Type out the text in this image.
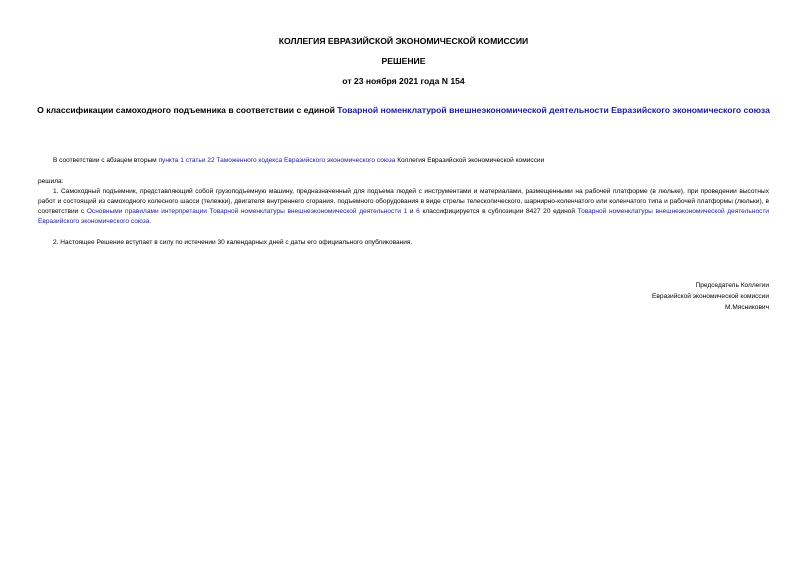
КОЛЛЕГИЯ ЕВРАЗИЙСКОЙ ЭКОНОМИЧЕСКОЙ КОМИССИИ
РЕШЕНИЕ
от 23 ноября 2021 года N 154
О классификации самоходного подъемника в соответствии с единой Товарной номенклатурой внешнеэкономической деятельности Евразийского экономического союза
В соответствии с абзацем вторым пункта 1 статьи 22 Таможенного кодекса Евразийского экономического союза Коллегия Евразийской экономической комиссии
решила:
1. Самоходный подъемник, представляющий собой грузоподъемную машину, предназначенный для подъема людей с инструментами и материалами, размещенными на рабочей платформе (в люльке), при проведении высотных работ и состоящий из самоходного колесного шасси (тележки), двигателя внутреннего сгорания, подъемного оборудования в виде стрелы телескопического, шарнирно-коленчатого или коленчатого типа и рабочей платформы (люльки), в соответствии с Основными правилами интерпретации Товарной номенклатуры внешнеэкономической деятельности 1 и 6 классифицируется в субпозиции 8427 20 единой Товарной номенклатуры внешнеэкономической деятельности Евразийского экономического союза.
2. Настоящее Решение вступает в силу по истечении 30 календарных дней с даты его официального опубликования.
Председатель Коллегии
Евразийской экономической комиссии
М.Мясникович
